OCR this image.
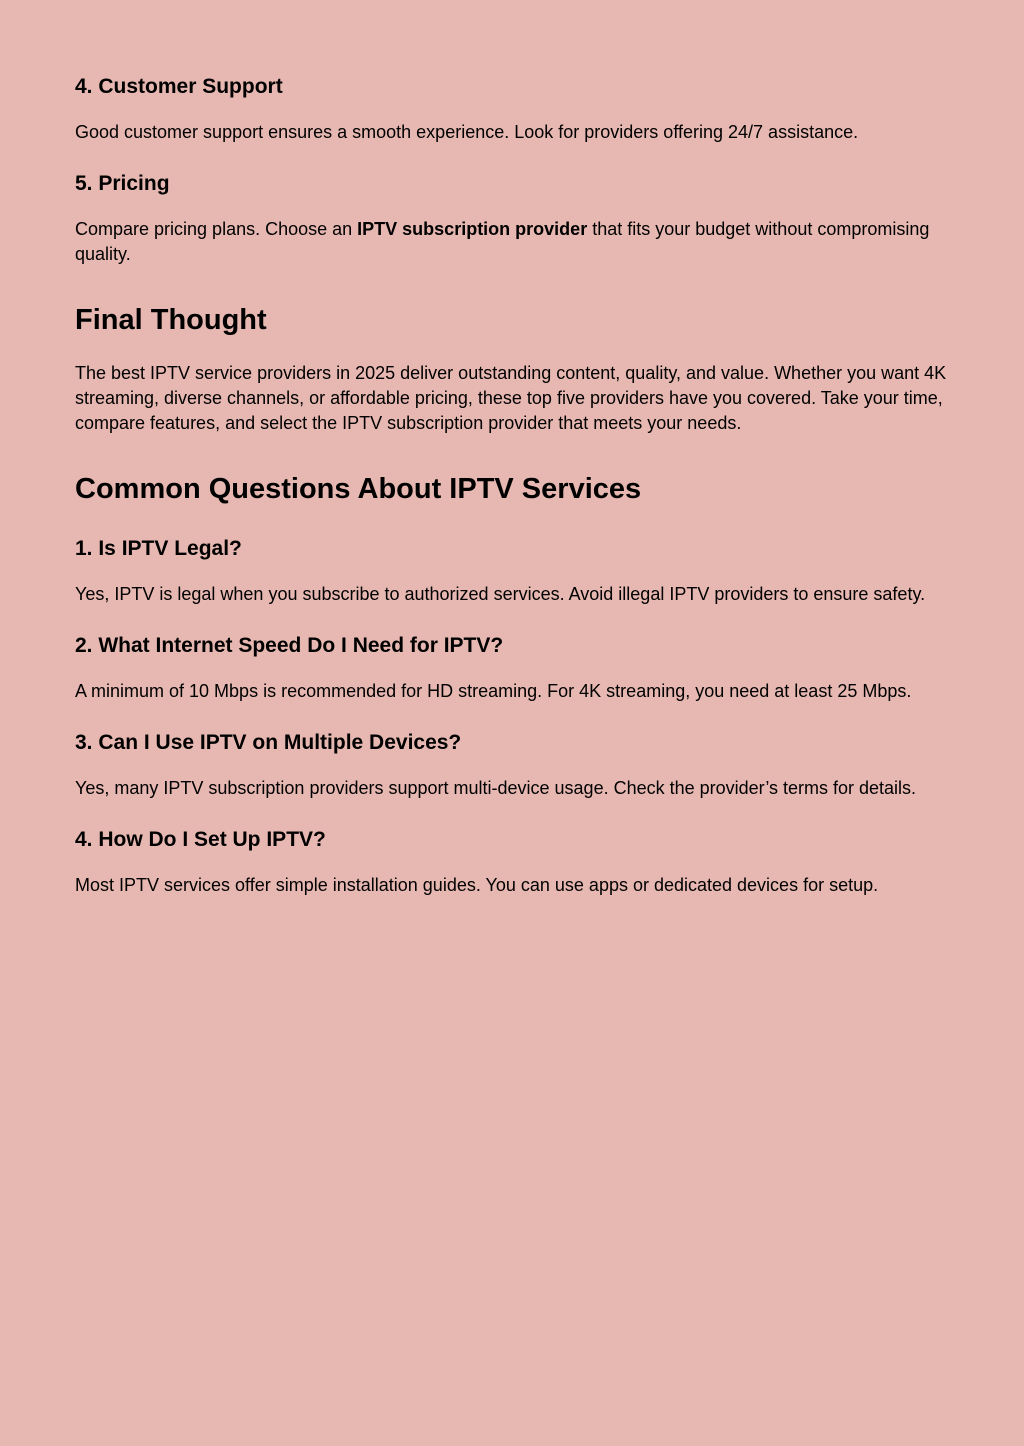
4. Customer Support

Good customer support ensures a smooth experience. Look for providers offering 24/7 assistance.

5. Pricing

Compare pricing plans. Choose an IPTV subscription provider that fits your budget without compromising quality.

Final Thought

The best IPTV service providers in 2025 deliver outstanding content, quality, and value. Whether you want 4K streaming, diverse channels, or affordable pricing, these top five providers have you covered. Take your time, compare features, and select the IPTV subscription provider that meets your needs.

Common Questions About IPTV Services
1. Is IPTV Legal?

Yes, IPTV is legal when you subscribe to authorized services. Avoid illegal IPTV providers to ensure safety.

2. What Internet Speed Do I Need for IPTV?

A minimum of 10 Mbps is recommended for HD streaming. For 4K streaming, you need at least 25 Mbps.

3. Can I Use IPTV on Multiple Devices?

Yes, many IPTV subscription providers support multi-device usage. Check the provider’s terms for details.

4. How Do I Set Up IPTV?

Most IPTV services offer simple installation guides. You can use apps or dedicated devices for setup.
